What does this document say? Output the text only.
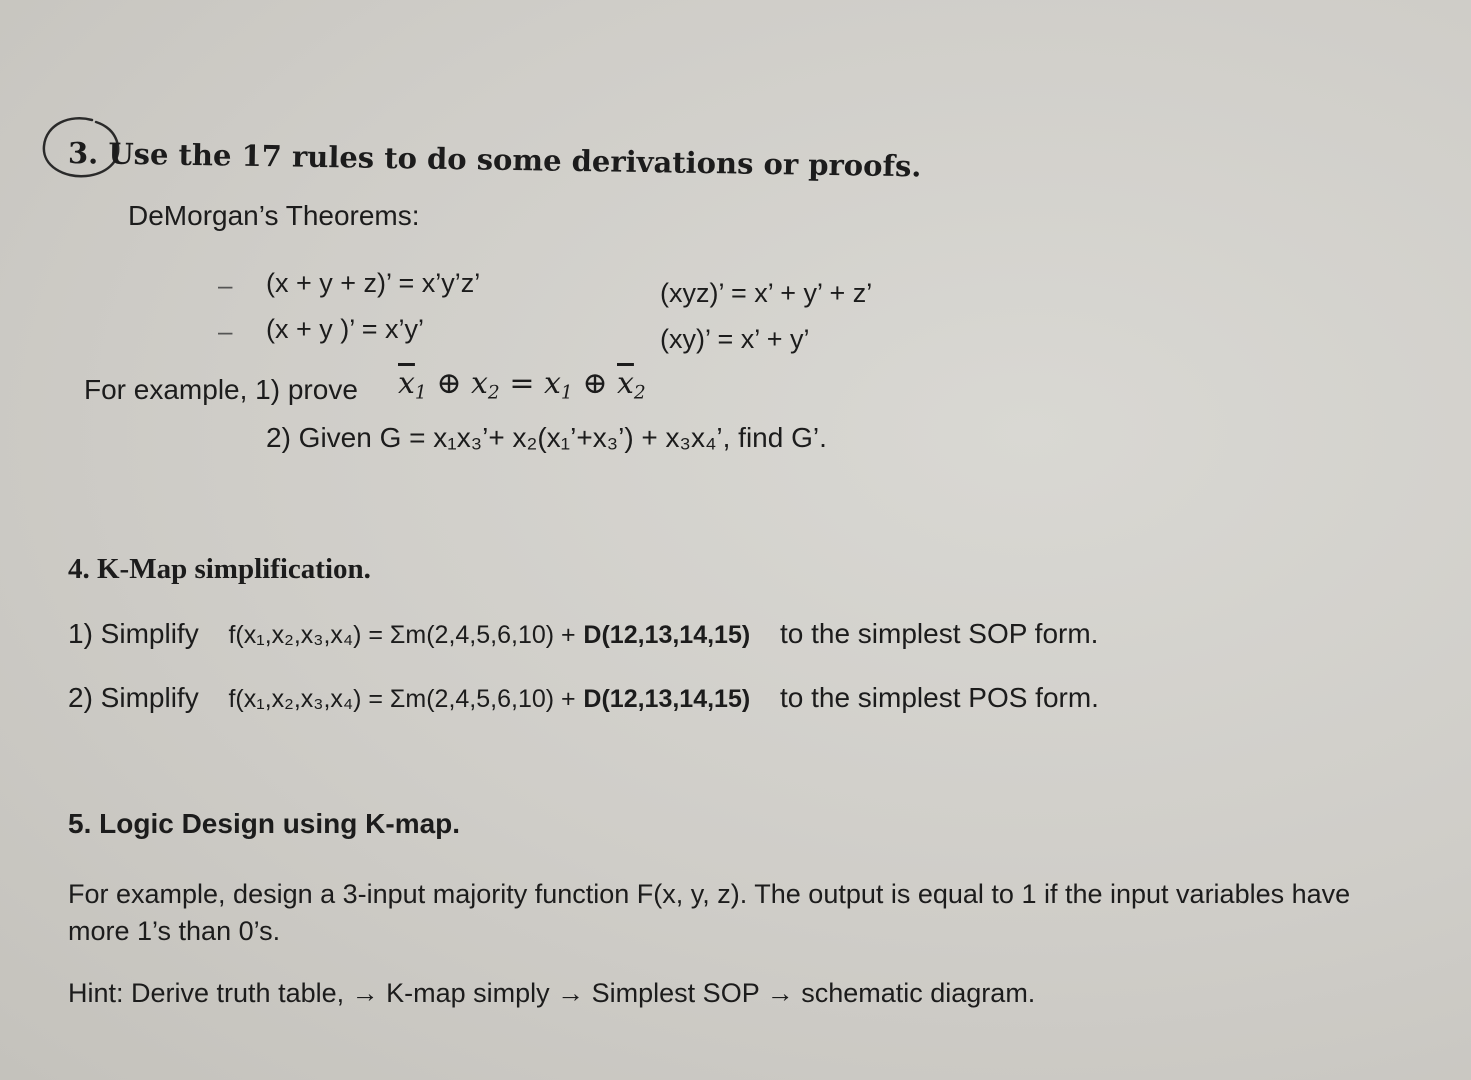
3. Use the 17 rules to do some derivations or proofs.
DeMorgan’s Theorems:
– (x + y + z)’ = x’y’z’	(xyz)’ = x’ + y’ + z’
– (x + y )’ = x’y’	(xy)’ = x’ + y’
For example, 1) prove $\overline{x}_1$ ⊕ $x_2 = x_1$ ⊕ $\overline{x}_2$
2) Given G = x₁x₃’+ x₂(x₁’+x₃’) + x₃x₄’, find G’.
4. K-Map simplification.
1) Simplify f(x₁,x₂,x₃,x₄) = Σm(2,4,5,6,10) + D(12,13,14,15) to the simplest SOP form.
2) Simplify f(x₁,x₂,x₃,x₄) = Σm(2,4,5,6,10) + D(12,13,14,15) to the simplest POS form.
5. Logic Design using K-map.
For example, design a 3-input majority function F(x, y, z). The output is equal to 1 if the input variables have more 1’s than 0’s.
Hint: Derive truth table, → K-map simply → Simplest SOP → schematic diagram.
